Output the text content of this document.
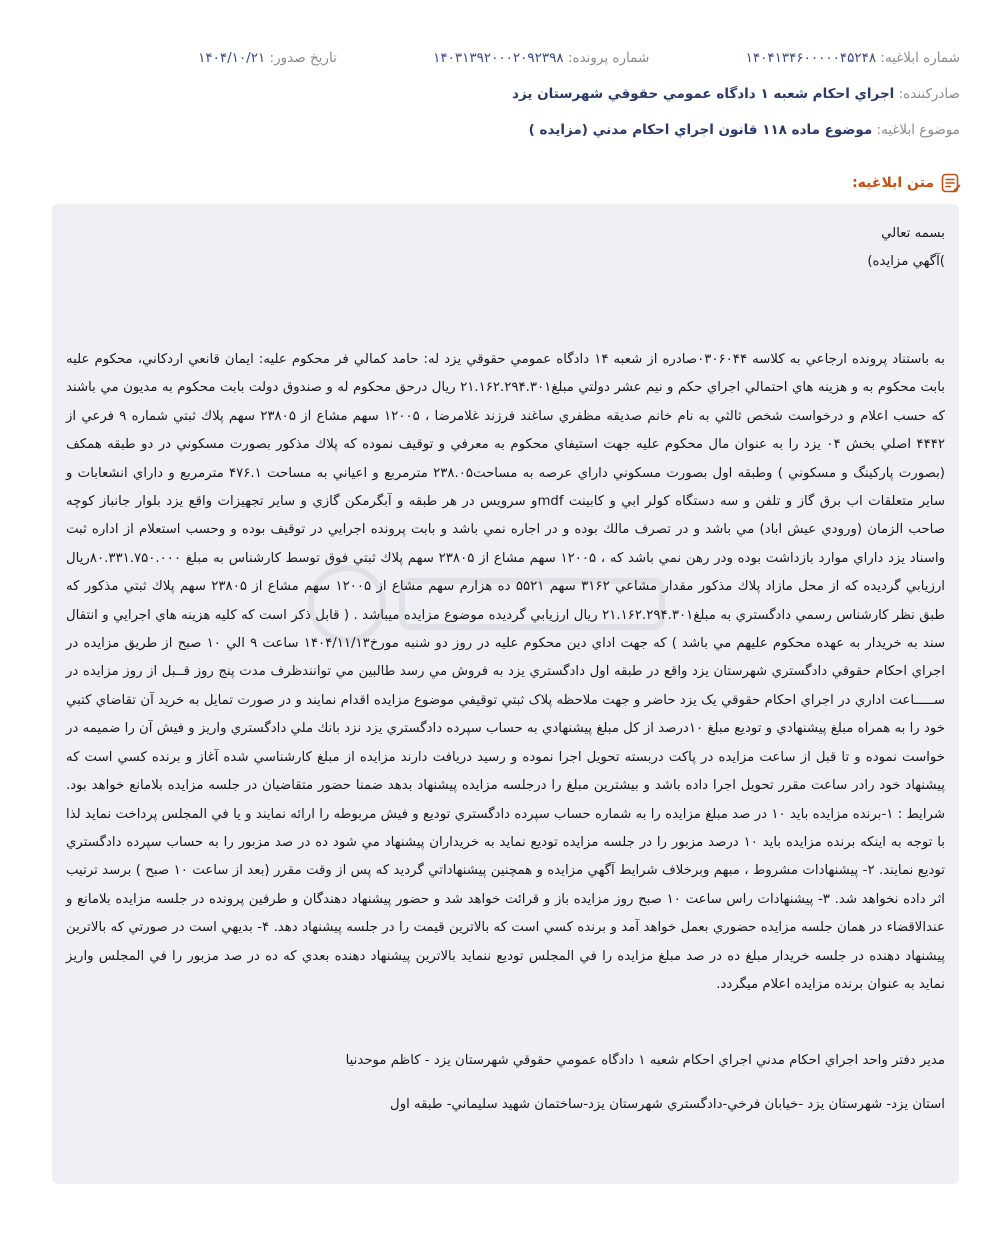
شماره ابلاغيه: ۱۴۰۴۱۳۴۶۰۰۰۰۰۴۵۲۴۸ شماره پرونده: ۱۴۰۳۱۳۹۲۰۰۰۲۰۹۲۳۹۸ تاريخ صدور: ۱۴۰۴/۱۰/۲۱
صادرکننده: اجراي احكام شعبه ۱ دادگاه عمومي حقوقي شهرستان يزد
موضوع ابلاغيه: موضوع ماده ۱۱۸ قانون اجراي احكام مدني (مزايده )
متن ابلاغيه:

بسمه تعالي

)آگهي مزايده)

به باستناد پرونده ارجاعي به كلاسه ۰۳۰۶۰۴۴صادره از شعبه ۱۴ دادگاه عمومي حقوقي يزد له: حامد كمالي فر محكوم عليه: ايمان قانعي اردكاني، محكوم عليه بابت محكوم به و هزينه هاي احتمالي اجراي حكم و نيم عشر دولتي مبلغ۲۱.۱۶۲.۲۹۴.۳۰۱ ريال درحق محكوم له و صندوق دولت بابت محكوم به مديون مي باشند كه حسب اعلام و درخواست شخص ثالثي به نام خانم صديقه مظفري ساغند فرزند غلامرضا ، ۱۲۰۰۵ سهم مشاع از ۲۳۸۰۵ سهم پلاك ثبتي شماره ۹ فرعي از ۴۴۴۲ اصلي بخش ۰۴ يزد را به عنوان مال محكوم عليه جهت استيفاي محكوم به معرفي و توقيف نموده كه پلاك مذكور بصورت مسكوني در دو طبقه همكف (بصورت پاركينگ و مسكوني ) وطبقه اول بصورت مسكوني داراي عرصه به مساحت۲۳۸.۰۵ مترمربع و اعياني به مساحت ۴۷۶.۱ مترمربع و داراي انشعابات و ساير متعلقات اب برق گاز و تلفن و سه دستگاه كولر ابي و كابينت mdfو سرويس در هر طبقه و آبگرمكن گازي و ساير تجهيزات واقع يزد بلوار جانباز كوچه صاحب الزمان (ورودي عيش اباد) مي باشد و در تصرف مالك بوده و در اجاره نمي باشد و بابت پرونده اجرايي در توقيف بوده و وحسب استعلام از اداره ثبت واسناد يزد داراي موارد بازداشت بوده ودر رهن نمي باشد كه ، ۱۲۰۰۵ سهم مشاع از ۲۳۸۰۵ سهم پلاك ثبتي فوق توسط كارشناس به مبلغ ۸۰.۳۳۱.۷۵۰.۰۰۰ريال ارزيابي گرديده كه از محل مازاد پلاك مذكور مقدار مشاعي ۳۱۶۲ سهم ۵۵۲۱ ده هزارم سهم مشاع از ۱۲۰۰۵ سهم مشاع از ۲۳۸۰۵ سهم پلاك ثبتي مذكور كه طبق نظر كارشناس رسمي دادگستري به مبلغ۲۱.۱۶۲.۲۹۴.۳۰۱ ريال ارزيابي گرديده موضوع مزايده ميباشد . ( قابل ذكر است كه كليه هزينه هاي اجرايي و انتقال سند به خريدار به عهده محكوم عليهم مي باشد ) كه جهت اداي دين محكوم عليه در روز دو شنبه مورخ۱۴۰۴/۱۱/۱۳ ساعت ۹ الي ۱۰ صبح از طريق مزايده در اجراي احكام حقوقي دادگستري شهرستان يزد واقع در طبقه اول دادگستري يزد به فروش مي رسد طالبين مي توانندظرف مدت پنج روز قــبل از روز مزايده در ســـــاعت اداري در اجراي احكام حقوقي يک يزد حاضر و جهت ملاحظه پلاک ثبتي توقيفي موضوع مزايده اقدام نمايند و در صورت تمايل به خريد آن تقاضاي كتبي خود را به همراه مبلغ پيشنهادي و توديع مبلغ ۱۰درصد از كل مبلغ پيشنهادي به حساب سپرده دادگستري يزد نزد بانك ملي دادگستري واريز و فيش آن را ضميمه در خواست نموده و تا قبل از ساعت مزايده در پاكت دربسته تحويل اجرا نموده و رسيد دريافت دارند مزايده از مبلغ كارشناسي شده آغاز و برنده كسي است كه پيشنهاد خود رادر ساعت مقرر تحويل اجرا داده باشد و بيشترين مبلغ را درجلسه مزايده پيشنهاد بدهد ضمنا حضور متقاضيان در جلسه مزايده بلامانع خواهد بود. شرايط : ۱-برنده مزايده بايد ۱۰ در صد مبلغ مزايده را به شماره حساب سپرده دادگستري توديع و فيش مربوطه را ارائه نمايند و يا في المجلس پرداخت نمايد لذا با توجه به اينكه برنده مزايده بايد ۱۰ درصد مزبور را در جلسه مزايده توديع نمايد به خريداران پيشنهاد مي شود ده در صد مزبور را به حساب سپرده دادگستري توديع نمايند. ۲- پيشنهادات مشروط ، مبهم وبرخلاف شرايط آگهي مزايده و همچنين پيشنهاداتي گرديد كه پس از وقت مقرر (بعد از ساعت ۱۰ صبح ) برسد ترتيب اثر داده نخواهد شد. ۳- پيشنهادات راس ساعت ۱۰ صبح روز مزايده باز و قرائت خواهد شد و حضور پيشنهاد دهندگان و طرفين پرونده در جلسه مزايده بلامانع و عندالاقضاء در همان جلسه مزايده حضوري بعمل خواهد آمد و برنده كسي است كه بالاترين قيمت را در جلسه پيشنهاد دهد. ۴- بديهي است در صورتي كه بالاترين پيشنهاد دهنده در جلسه خريدار مبلغ ده در صد مبلغ مزايده را في المجلس توديع ننمايد بالاترين پيشنهاد دهنده بعدي كه ده در صد مزبور را في المجلس واريز نمايد به عنوان برنده مزايده اعلام ميگردد.

مدير دفتر واحد اجراي احكام مدني اجراي احكام شعبه ۱ دادگاه عمومي حقوقي شهرستان يزد - كاظم موحدنيا

استان يزد- شهرستان يزد -خيابان فرخي-دادگستري شهرستان يزد-ساختمان شهيد سليماني- طبقه اول
